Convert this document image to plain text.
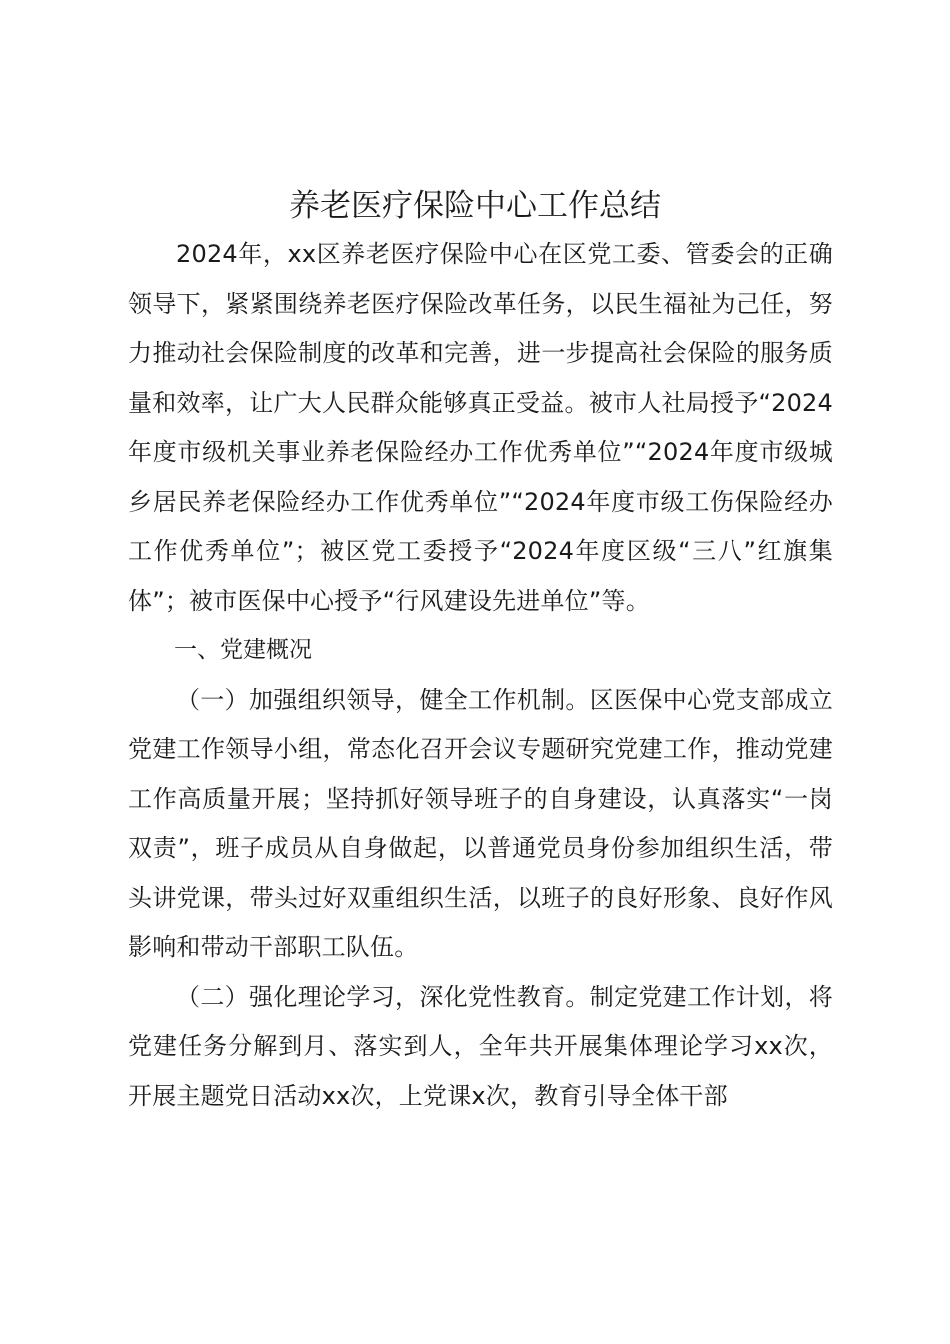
养老医疗保险中心工作总结

2024年，xx区养老医疗保险中心在区党工委、管委会的正确领导下，紧紧围绕养老医疗保险改革任务，以民生福祉为己任，努力推动社会保险制度的改革和完善，进一步提高社会保险的服务质量和效率，让广大人民群众能够真正受益。被市人社局授予“2024年度市级机关事业养老保险经办工作优秀单位”“2024年度市级城乡居民养老保险经办工作优秀单位”“2024年度市级工伤保险经办工作优秀单位”；被区党工委授予“2024年度区级“三八”红旗集体”；被市医保中心授予“行风建设先进单位”等。

一、党建概况

（一）加强组织领导，健全工作机制。区医保中心党支部成立党建工作领导小组，常态化召开会议专题研究党建工作，推动党建工作高质量开展；坚持抓好领导班子的自身建设，认真落实“一岗双责”，班子成员从自身做起，以普通党员身份参加组织生活，带头讲党课，带头过好双重组织生活，以班子的良好形象、良好作风影响和带动干部职工队伍。

（二）强化理论学习，深化党性教育。制定党建工作计划，将党建任务分解到月、落实到人，全年共开展集体理论学习xx次，开展主题党日活动xx次，上党课x次，教育引导全体干部
